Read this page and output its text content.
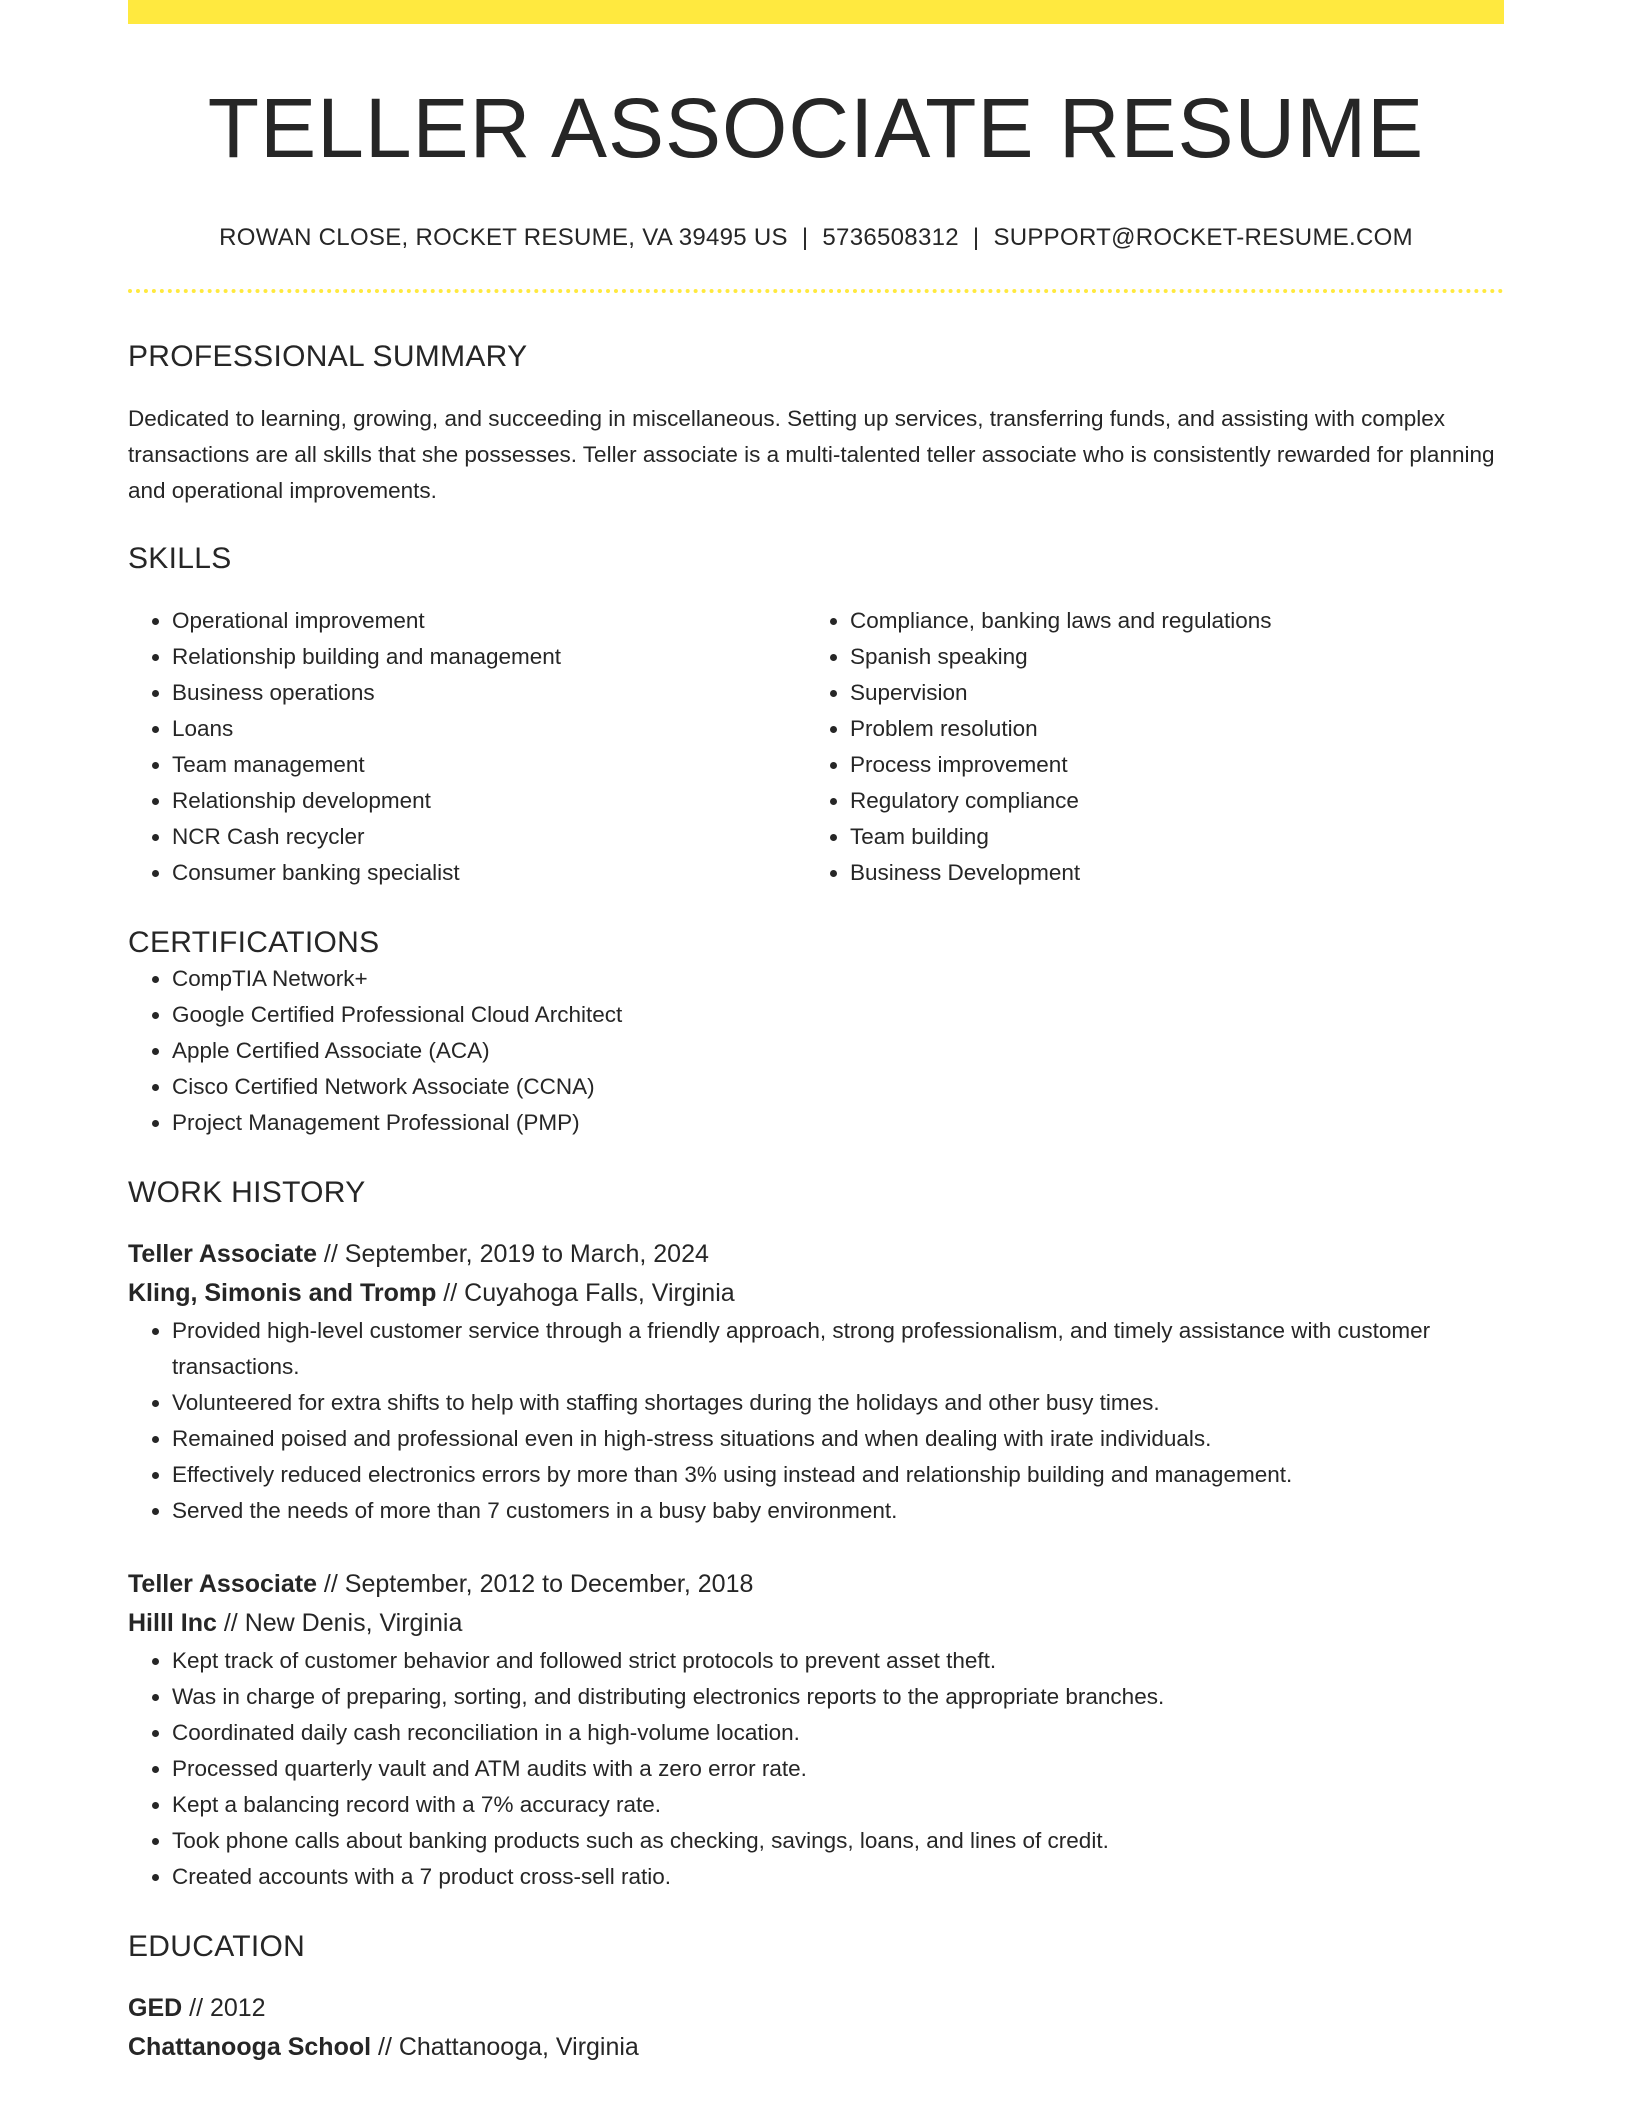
TELLER ASSOCIATE RESUME
ROWAN CLOSE, ROCKET RESUME, VA 39495 US | 5736508312 | SUPPORT@ROCKET-RESUME.COM
PROFESSIONAL SUMMARY

Dedicated to learning, growing, and succeeding in miscellaneous. Setting up services, transferring funds, and assisting with complex transactions are all skills that she possesses. Teller associate is a multi-talented teller associate who is consistently rewarded for planning and operational improvements.

SKILLS
• Operational improvement
• Relationship building and management
• Business operations
• Loans
• Team management
• Relationship development
• NCR Cash recycler
• Consumer banking specialist
• Compliance, banking laws and regulations
• Spanish speaking
• Supervision
• Problem resolution
• Process improvement
• Regulatory compliance
• Team building
• Business Development
CERTIFICATIONS
• CompTIA Network+
• Google Certified Professional Cloud Architect
• Apple Certified Associate (ACA)
• Cisco Certified Network Associate (CCNA)
• Project Management Professional (PMP)
WORK HISTORY
Teller Associate // September, 2019 to March, 2024
Kling, Simonis and Tromp // Cuyahoga Falls, Virginia
• Provided high-level customer service through a friendly approach, strong professionalism, and timely assistance with customer transactions.
• Volunteered for extra shifts to help with staffing shortages during the holidays and other busy times.
• Remained poised and professional even in high-stress situations and when dealing with irate individuals.
• Effectively reduced electronics errors by more than 3% using instead and relationship building and management.
• Served the needs of more than 7 customers in a busy baby environment.
Teller Associate // September, 2012 to December, 2018
Hilll Inc // New Denis, Virginia
• Kept track of customer behavior and followed strict protocols to prevent asset theft.
• Was in charge of preparing, sorting, and distributing electronics reports to the appropriate branches.
• Coordinated daily cash reconciliation in a high-volume location.
• Processed quarterly vault and ATM audits with a zero error rate.
• Kept a balancing record with a 7% accuracy rate.
• Took phone calls about banking products such as checking, savings, loans, and lines of credit.
• Created accounts with a 7 product cross-sell ratio.
EDUCATION
GED // 2012
Chattanooga School // Chattanooga, Virginia
